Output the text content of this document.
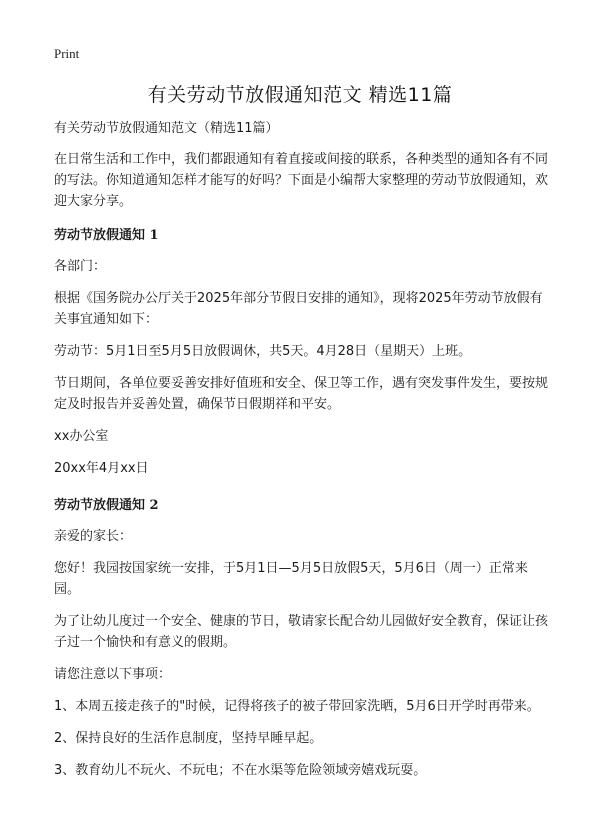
Print
有关劳动节放假通知范文 精选11篇

有关劳动节放假通知范文（精选11篇）

在日常生活和工作中，我们都跟通知有着直接或间接的联系，各种类型的通知各有不同的写法。你知道通知怎样才能写的好吗？下面是小编帮大家整理的劳动节放假通知，欢迎大家分享。

劳动节放假通知 1

各部门：

根据《国务院办公厅关于2025年部分节假日安排的通知》，现将2025年劳动节放假有关事宜通知如下：

劳动节：5月1日至5月5日放假调休，共5天。4月28日（星期天）上班。

节日期间，各单位要妥善安排好值班和安全、保卫等工作，遇有突发事件发生，要按规定及时报告并妥善处置，确保节日假期祥和平安。

xx办公室

20xx年4月xx日

劳动节放假通知 2

亲爱的家长：

您好！我园按国家统一安排，于5月1日—5月5日放假5天，5月6日（周一）正常来园。

为了让幼儿度过一个安全、健康的节日，敬请家长配合幼儿园做好安全教育，保证让孩子过一个愉快和有意义的假期。

请您注意以下事项：

1、本周五接走孩子的"时候，记得将孩子的被子带回家洗晒，5月6日开学时再带来。

2、保持良好的生活作息制度，坚持早睡早起。

3、教育幼儿不玩火、不玩电；不在水渠等危险领域旁嬉戏玩耍。
